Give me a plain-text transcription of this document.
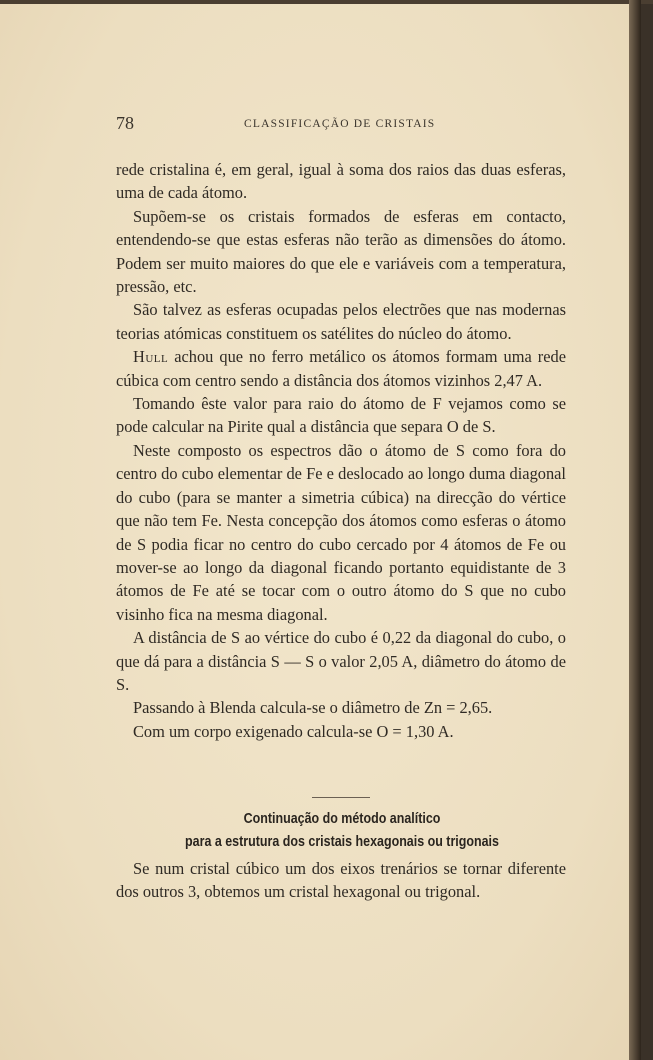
78	CLASSIFICAÇÃO DE CRISTAIS

rede cristalina é, em geral, igual à soma dos raios das duas esferas, uma de cada átomo.

Supõem-se os cristais formados de esferas em contacto, entendendo-se que estas esferas não terão as dimensões do átomo. Podem ser muito maiores do que ele e variáveis com a temperatura, pressão, etc.

São talvez as esferas ocupadas pelos electrões que nas modernas teorias atómicas constituem os satélites do núcleo do átomo.

Hull achou que no ferro metálico os átomos formam uma rede cúbica com centro sendo a distância dos átomos vizinhos 2,47 A.

Tomando êste valor para raio do átomo de F vejamos como se pode calcular na Pirite qual a distância que separa O de S.

Neste composto os espectros dão o átomo de S como fora do centro do cubo elementar de Fe e deslocado ao longo duma diagonal do cubo (para se manter a simetria cúbica) na direcção do vértice que não tem Fe. Nesta concepção dos átomos como esferas o átomo de S podia ficar no centro do cubo cercado por 4 átomos de Fe ou mover-se ao longo da diagonal ficando portanto equidistante de 3 átomos de Fe até se tocar com o outro átomo do S que no cubo visinho fica na mesma diagonal.

A distância de S ao vértice do cubo é 0,22 da diagonal do cubo, o que dá para a distância S — S o valor 2,05 A, diâmetro do átomo de S.

Passando à Blenda calcula-se o diâmetro de Zn = 2,65.

Com um corpo exigenado calcula-se O = 1,30 A.

Continuação do método analítico
para a estrutura dos cristais hexagonais ou trigonais

Se num cristal cúbico um dos eixos trenários se tornar diferente dos outros 3, obtemos um cristal hexagonal ou trigonal.
